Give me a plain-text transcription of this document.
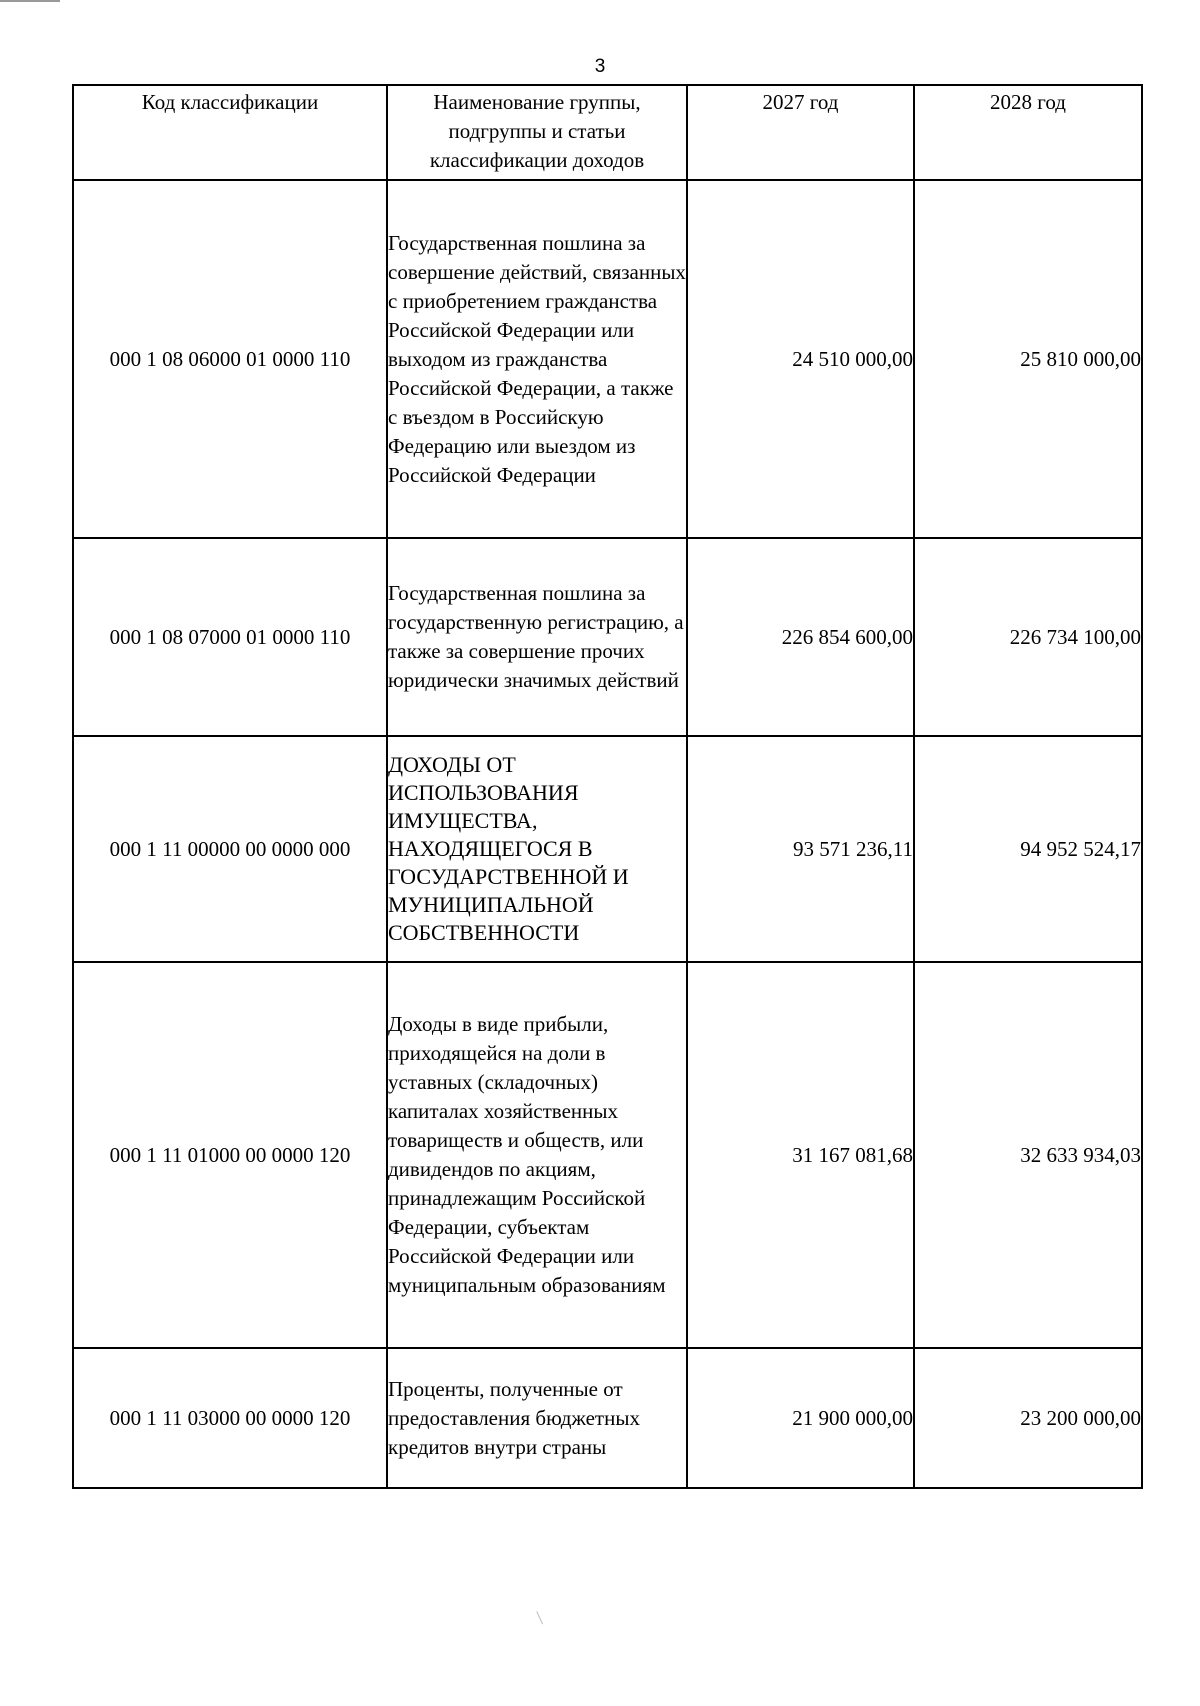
3
Код классификации	Наименование группы, подгруппы и статьи классификации доходов	2027 год	2028 год

000 1 08 06000 01 0000 110	Государственная пошлина за совершение действий, связанных с приобретением гражданства Российской Федерации или выходом из гражданства Российской Федерации, а также с въездом в Российскую Федерацию или выездом из Российской Федерации	24 510 000,00	25 810 000,00
000 1 08 07000 01 0000 110	Государственная пошлина за государственную регистрацию, а также за совершение прочих юридически значимых действий	226 854 600,00	226 734 100,00
000 1 11 00000 00 0000 000	ДОХОДЫ ОТ ИСПОЛЬЗОВАНИЯ ИМУЩЕСТВА, НАХОДЯЩЕГОСЯ В ГОСУДАРСТВЕННОЙ И МУНИЦИПАЛЬНОЙ СОБСТВЕННОСТИ	93 571 236,11	94 952 524,17
000 1 11 01000 00 0000 120	Доходы в виде прибыли, приходящейся на доли в уставных (складочных) капиталах хозяйственных товариществ и обществ, или дивидендов по акциям, принадлежащим Российской Федерации, субъектам Российской Федерации или муниципальным образованиям	31 167 081,68	32 633 934,03
000 1 11 03000 00 0000 120	Проценты, полученные от предоставления бюджетных кредитов внутри страны	21 900 000,00	23 200 000,00
